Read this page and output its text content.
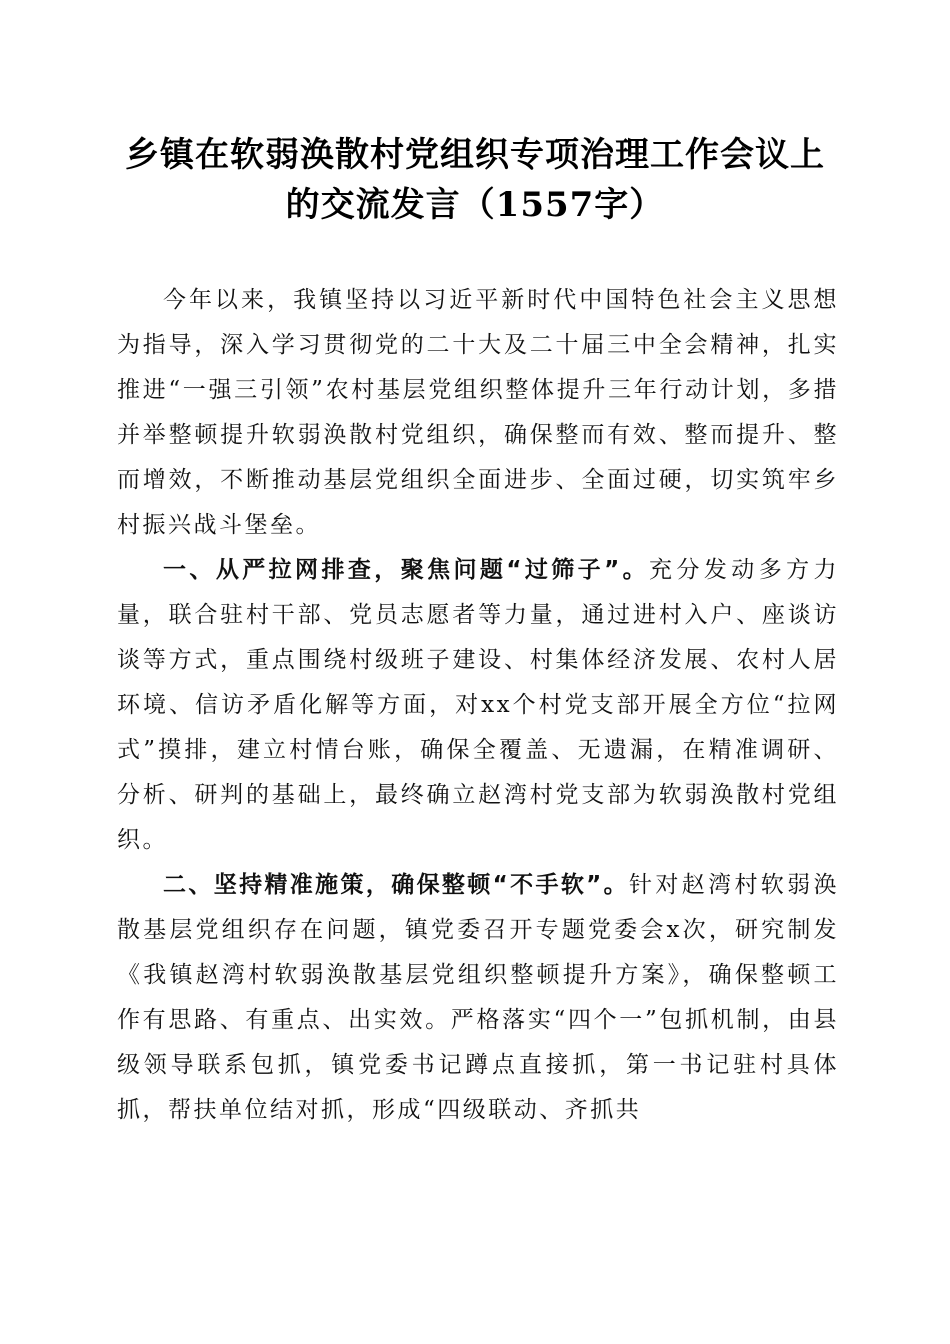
乡镇在软弱涣散村党组织专项治理工作会议上
的交流发言（1557字）

今年以来，我镇坚持以习近平新时代中国特色社会主义思想为指导，深入学习贯彻党的二十大及二十届三中全会精神，扎实推进“一强三引领”农村基层党组织整体提升三年行动计划，多措并举整顿提升软弱涣散村党组织，确保整而有效、整而提升、整而增效，不断推动基层党组织全面进步、全面过硬，切实筑牢乡村振兴战斗堡垒。

一、从严拉网排查，聚焦问题“过筛子”。充分发动多方力量，联合驻村干部、党员志愿者等力量，通过进村入户、座谈访谈等方式，重点围绕村级班子建设、村集体经济发展、农村人居环境、信访矛盾化解等方面，对xx个村党支部开展全方位“拉网式”摸排，建立村情台账，确保全覆盖、无遗漏，在精准调研、分析、研判的基础上，最终确立赵湾村党支部为软弱涣散村党组织。

二、坚持精准施策，确保整顿“不手软”。针对赵湾村软弱涣散基层党组织存在问题，镇党委召开专题党委会x次，研究制发《我镇赵湾村软弱涣散基层党组织整顿提升方案》，确保整顿工作有思路、有重点、出实效。严格落实“四个一”包抓机制，由县级领导联系包抓，镇党委书记蹲点直接抓，第一书记驻村具体抓，帮扶单位结对抓，形成“四级联动、齐抓共
